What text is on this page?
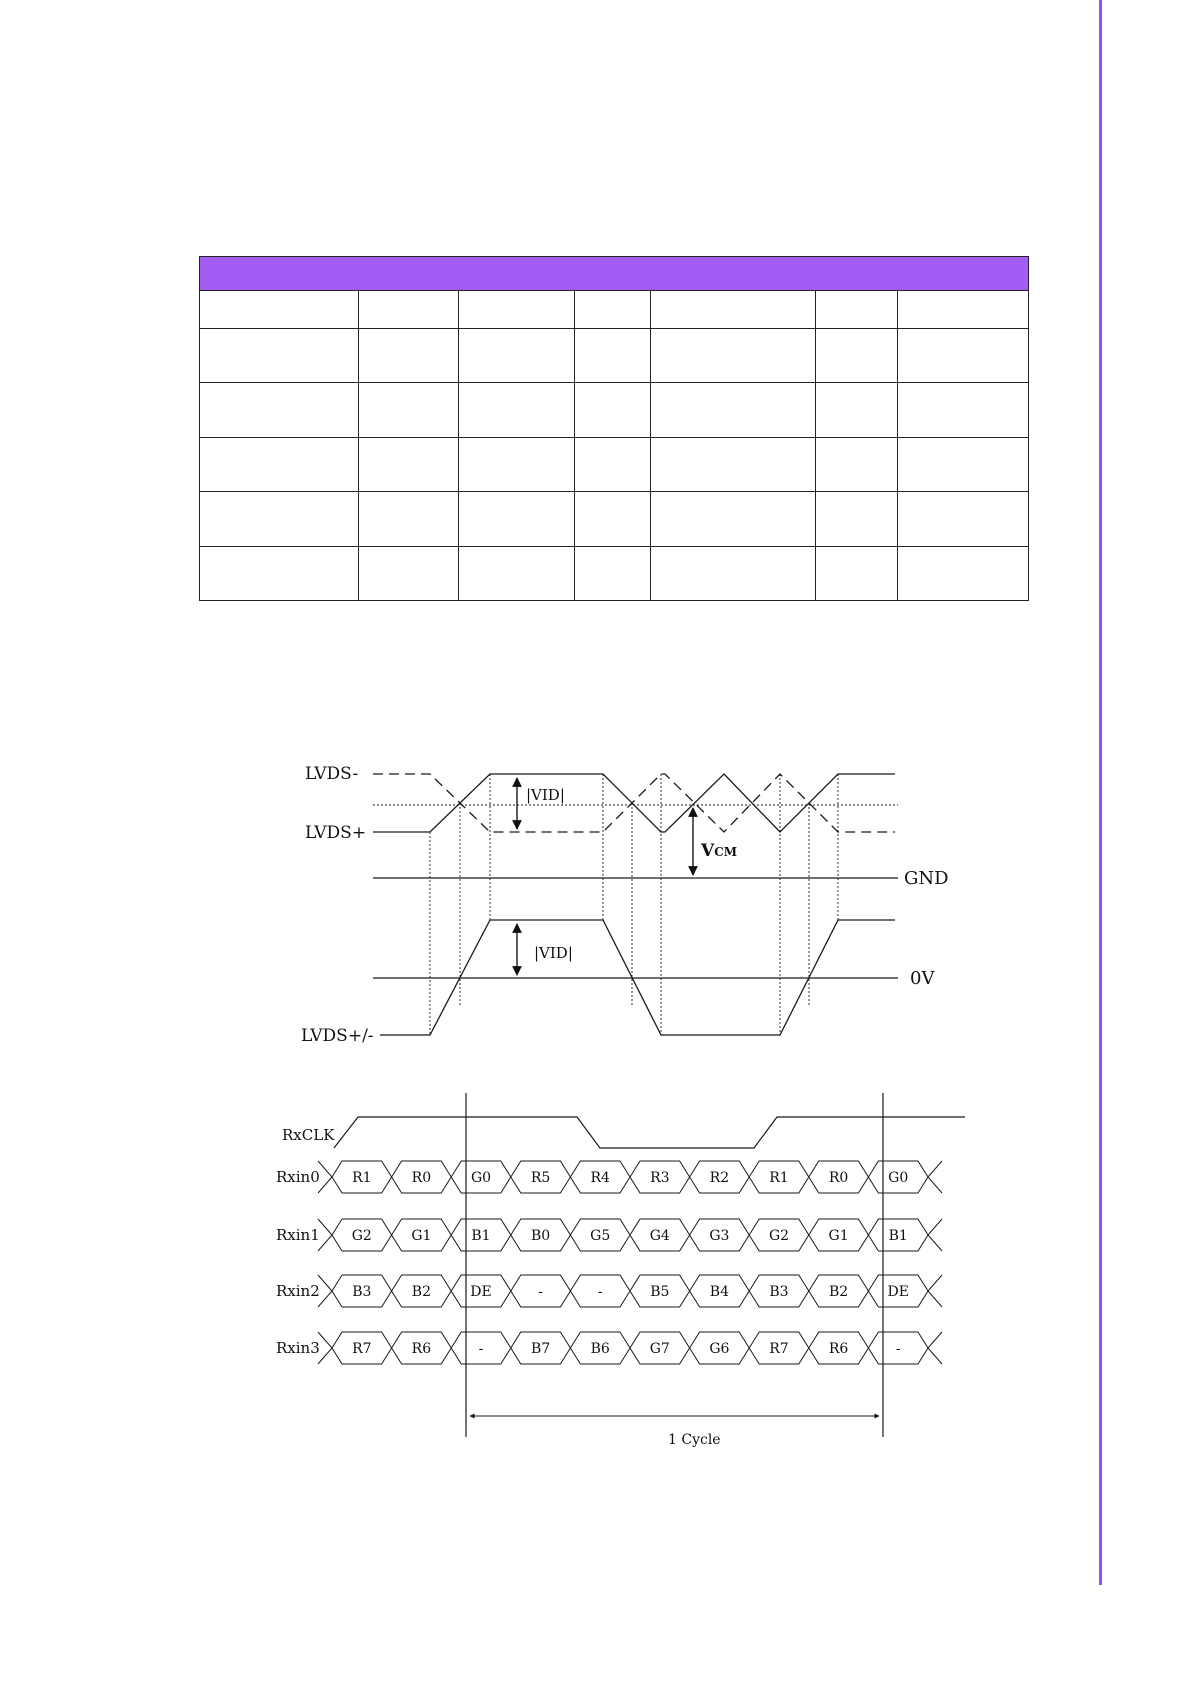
LVDS-
LVDS+
LVDS+/-
|VID|
|VID|
VCM
GND
0V
Rxin0 R1	R0	G0	R5	R4	R3	R2	R1	R0	G0
Rxin1 G2	G1	B1	B0	G5	G4	G3	G2	G1	B1
Rxin2 B3	B2	DE	-	-	B5	B4	B3	B2	DE
Rxin3 R7	R6	-	B7	B6	G7	G6	R7	R6	-
RxCLK
1 Cycle
